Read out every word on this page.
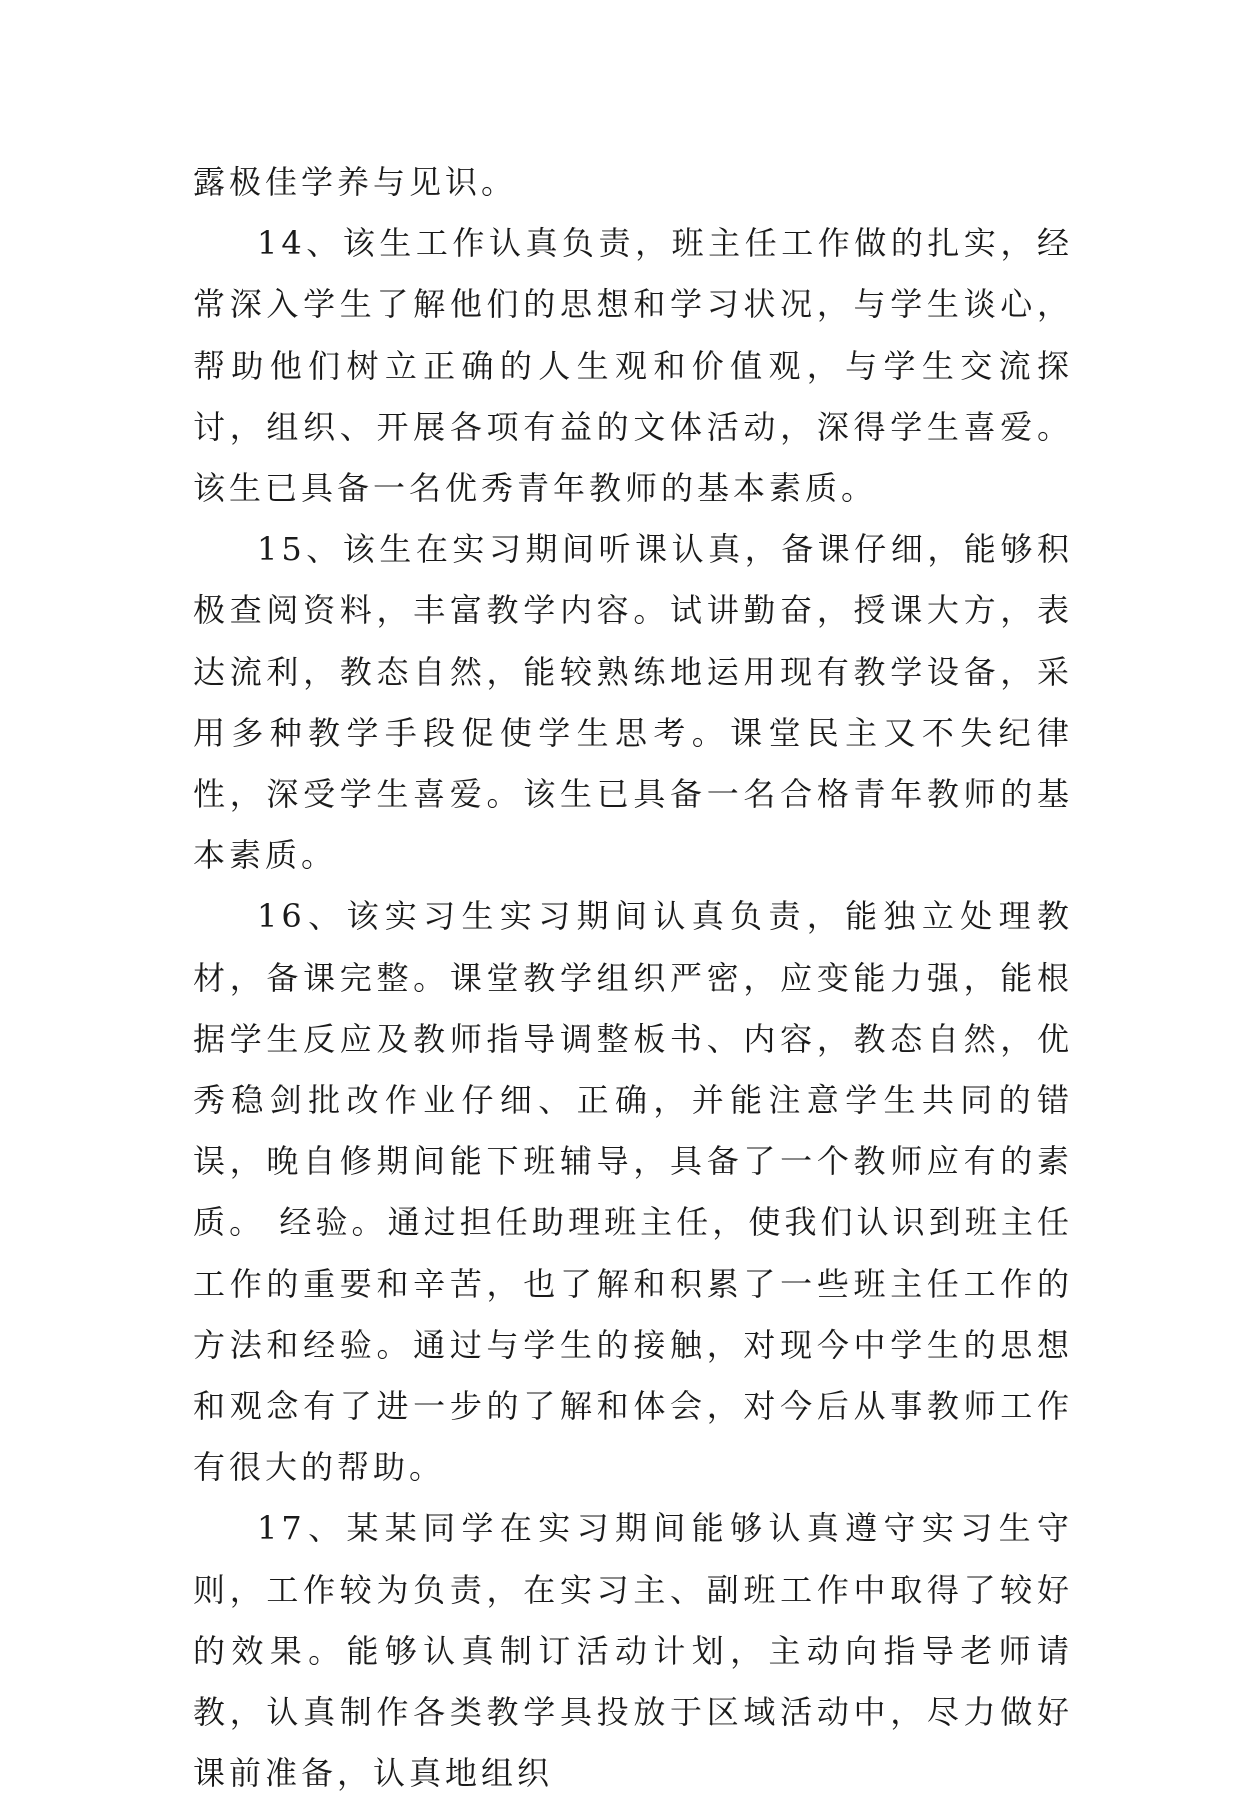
露极佳学养与见识。

14、该生工作认真负责，班主任工作做的扎实，经常深入学生了解他们的思想和学习状况，与学生谈心，帮助他们树立正确的人生观和价值观，与学生交流探讨，组织、开展各项有益的文体活动，深得学生喜爱。该生已具备一名优秀青年教师的基本素质。

15、该生在实习期间听课认真，备课仔细，能够积极查阅资料，丰富教学内容。试讲勤奋，授课大方，表达流利，教态自然，能较熟练地运用现有教学设备，采用多种教学手段促使学生思考。课堂民主又不失纪律性，深受学生喜爱。该生已具备一名合格青年教师的基本素质。

16、该实习生实习期间认真负责，能独立处理教材，备课完整。课堂教学组织严密，应变能力强，能根据学生反应及教师指导调整板书、内容，教态自然，优秀稳剑批改作业仔细、正确，并能注意学生共同的错误，晚自修期间能下班辅导，具备了一个教师应有的素质。 经验。通过担任助理班主任，使我们认识到班主任工作的重要和辛苦，也了解和积累了一些班主任工作的方法和经验。通过与学生的接触，对现今中学生的思想和观念有了进一步的了解和体会，对今后从事教师工作有很大的帮助。

17、某某同学在实习期间能够认真遵守实习生守则，工作较为负责，在实习主、副班工作中取得了较好的效果。能够认真制订活动计划，主动向指导老师请教，认真制作各类教学具投放于区域活动中，尽力做好课前准备，认真地组织
